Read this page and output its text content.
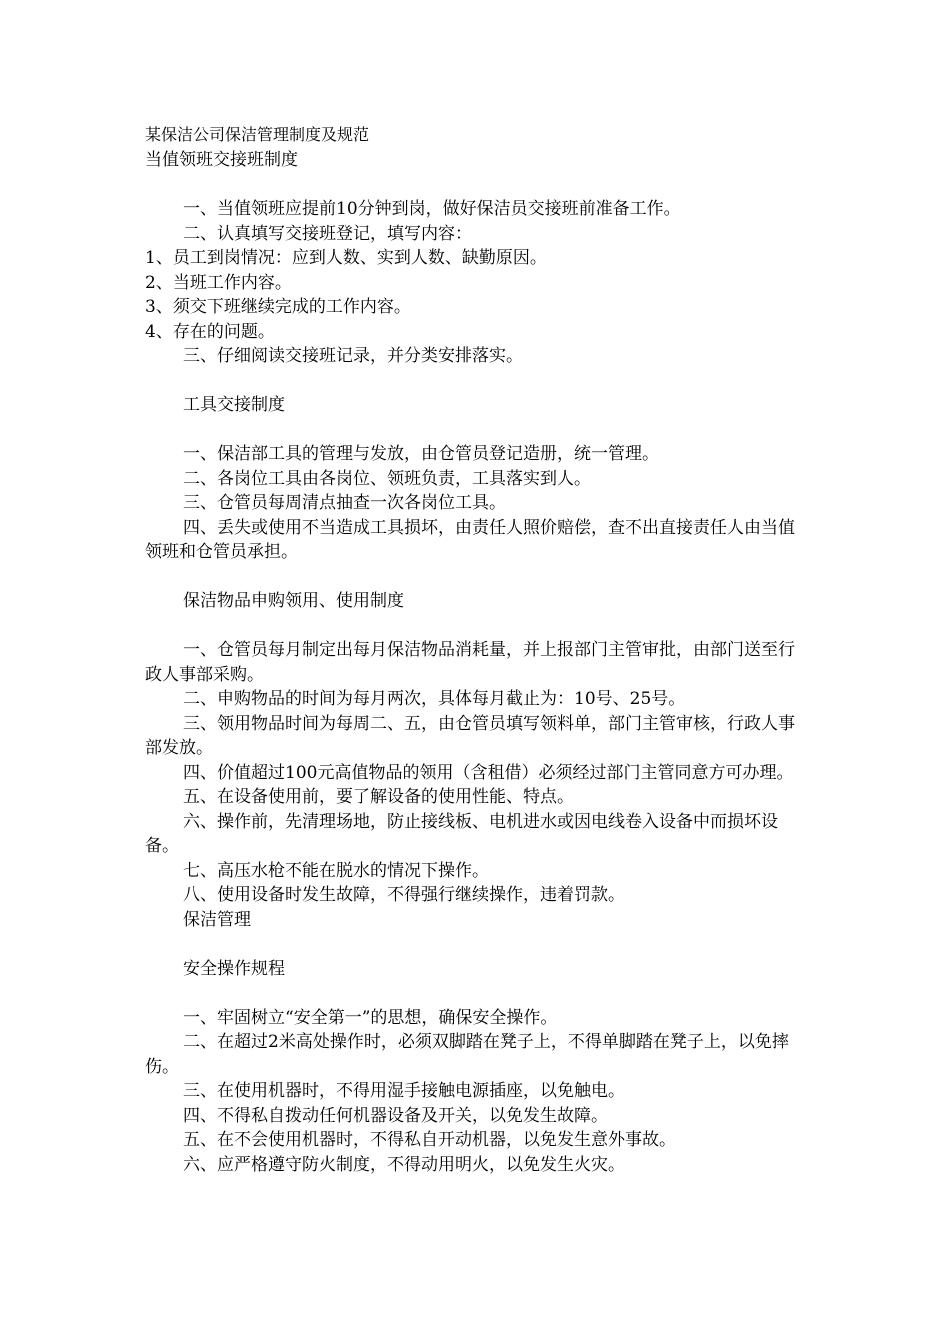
某保洁公司保洁管理制度及规范
当值领班交接班制度
一、当值领班应提前10分钟到岗，做好保洁员交接班前准备工作。
二、认真填写交接班登记，填写内容：
1、员工到岗情况：应到人数、实到人数、缺勤原因。
2、当班工作内容。
3、须交下班继续完成的工作内容。
4、存在的问题。
三、仔细阅读交接班记录，并分类安排落实。
工具交接制度
一、保洁部工具的管理与发放，由仓管员登记造册，统一管理。
二、各岗位工具由各岗位、领班负责，工具落实到人。
三、仓管员每周清点抽查一次各岗位工具。

四、丢失或使用不当造成工具损坏，由责任人照价赔偿，查不出直接责任人由当值领班和仓管员承担。

保洁物品申购领用、使用制度

一、仓管员每月制定出每月保洁物品消耗量，并上报部门主管审批，由部门送至行政人事部采购。

二、申购物品的时间为每月两次，具体每月截止为：10号、25号。

三、领用物品时间为每周二、五，由仓管员填写领料单，部门主管审核，行政人事部发放。

四、价值超过100元高值物品的领用（含租借）必须经过部门主管同意方可办理。

五、在设备使用前，要了解设备的使用性能、特点。

六、操作前，先清理场地，防止接线板、电机进水或因电线卷入设备中而损坏设备。

七、高压水枪不能在脱水的情况下操作。
八、使用设备时发生故障，不得强行继续操作，违着罚款。
保洁管理
安全操作规程
一、牢固树立“安全第一”的思想，确保安全操作。

二、在超过2米高处操作时，必须双脚踏在凳子上，不得单脚踏在凳子上，以免摔伤。

三、在使用机器时，不得用湿手接触电源插座，以免触电。
四、不得私自拨动任何机器设备及开关，以免发生故障。
五、在不会使用机器时，不得私自开动机器，以免发生意外事故。
六、应严格遵守防火制度，不得动用明火，以免发生火灾。
